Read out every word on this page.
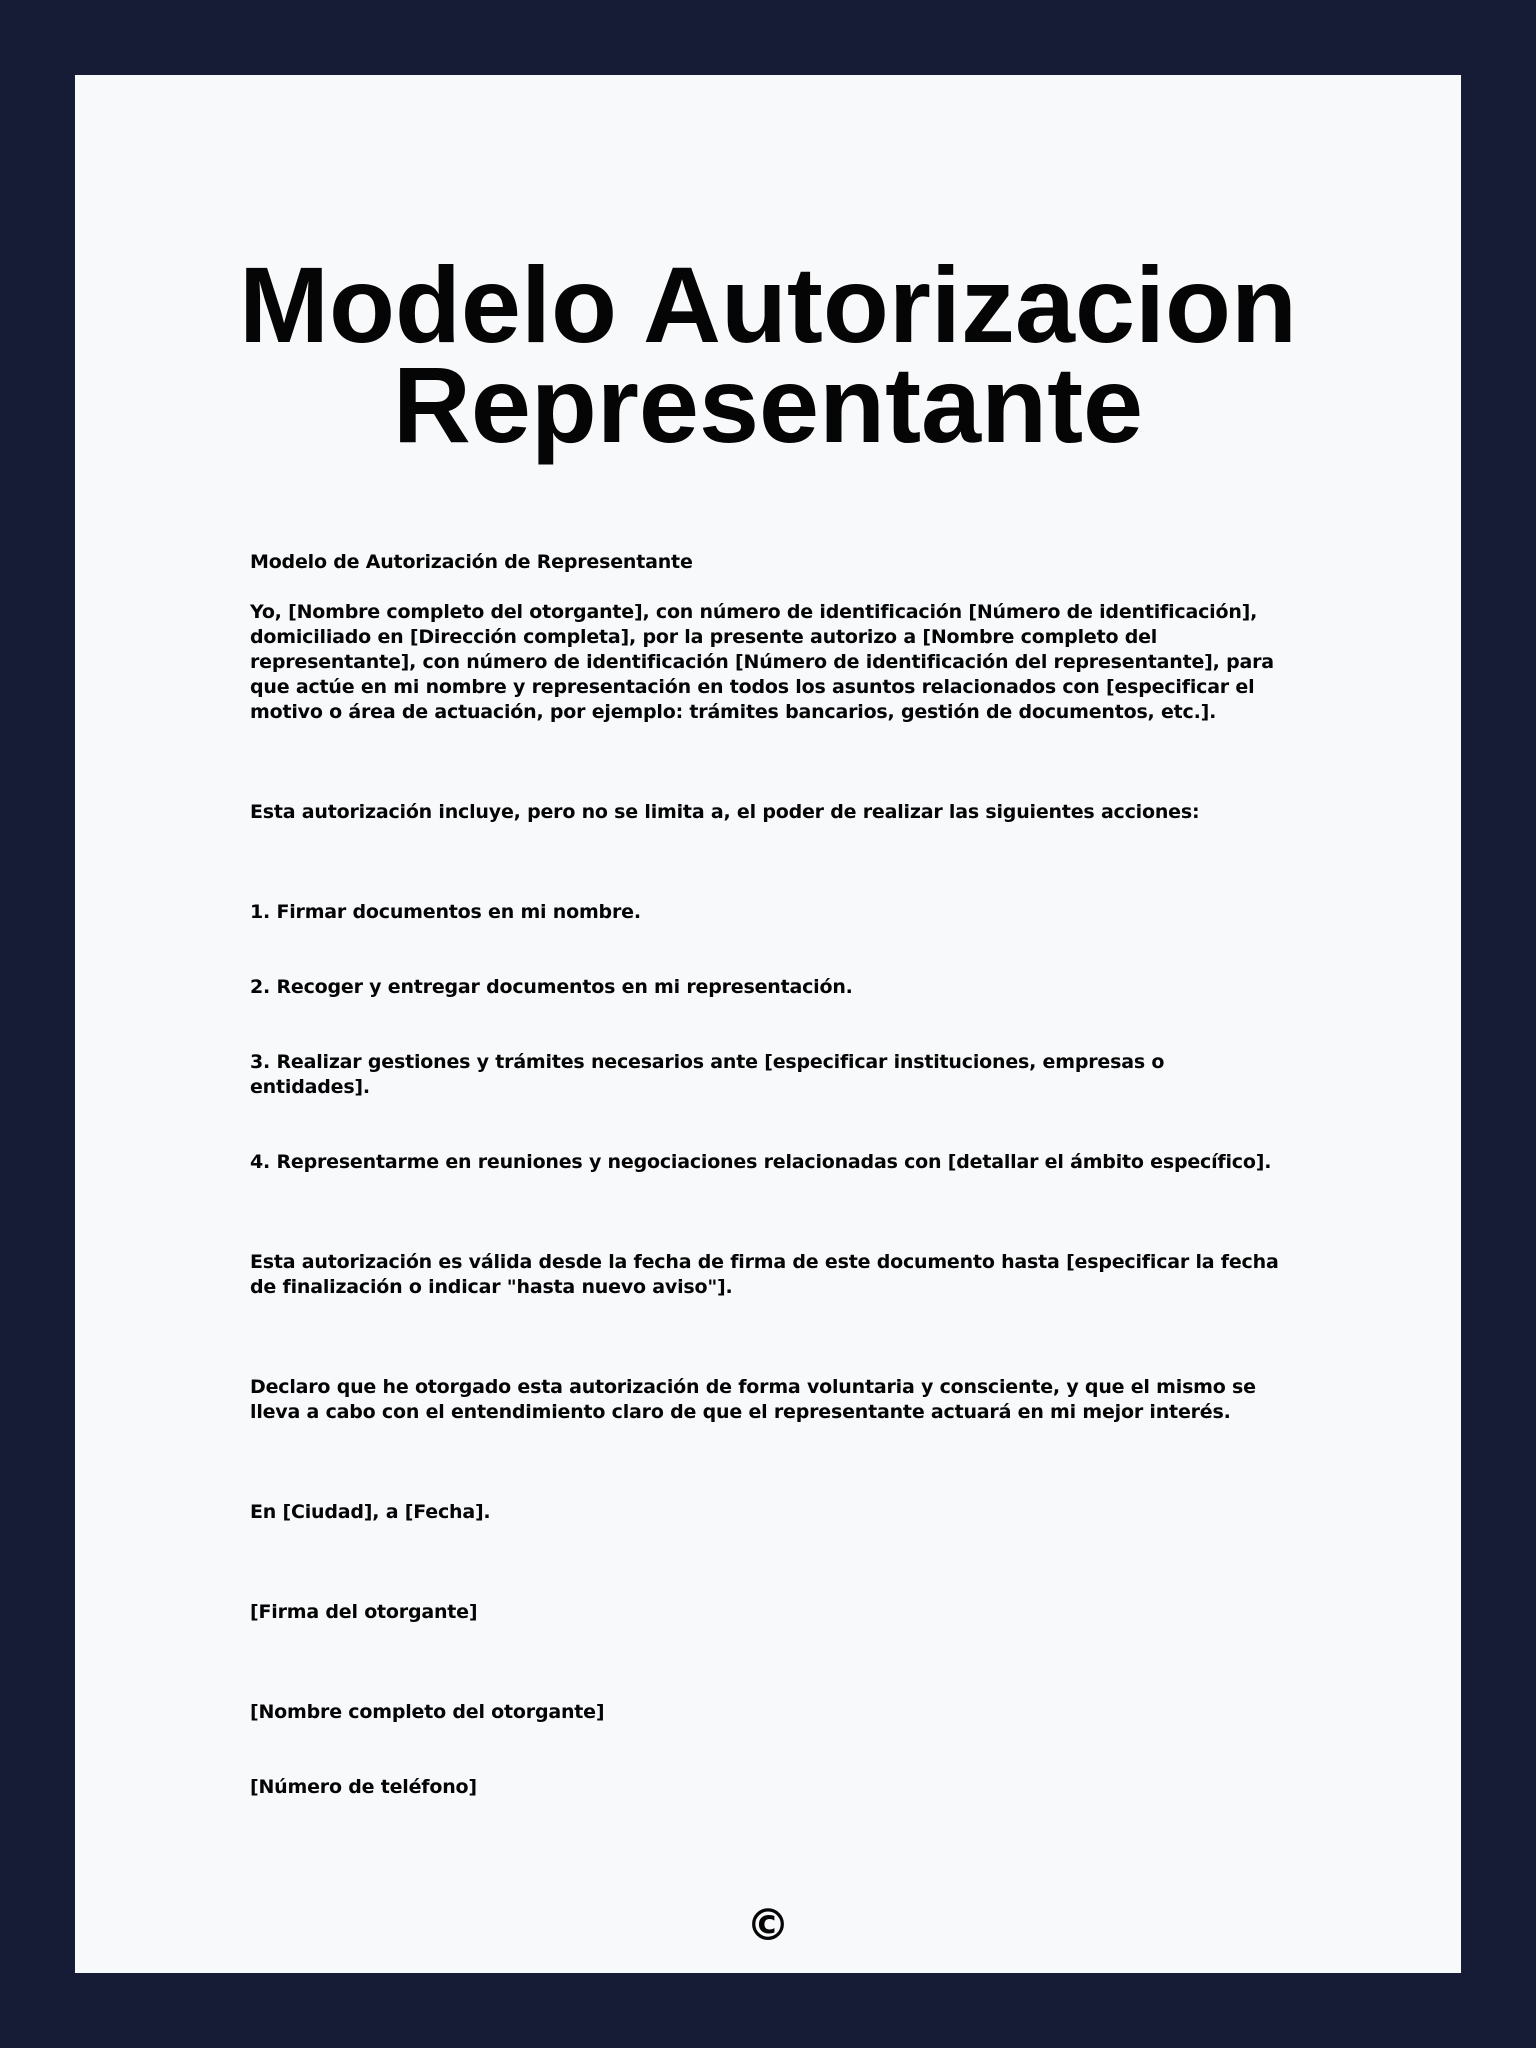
Modelo Autorizacion Representante

Modelo de Autorización de Representante

Yo, [Nombre completo del otorgante], con número de identificación [Número de identificación], domiciliado en [Dirección completa], por la presente autorizo a [Nombre completo del representante], con número de identificación [Número de identificación del representante], para que actúe en mi nombre y representación en todos los asuntos relacionados con [especificar el motivo o área de actuación, por ejemplo: trámites bancarios, gestión de documentos, etc.].

Esta autorización incluye, pero no se limita a, el poder de realizar las siguientes acciones:

1. Firmar documentos en mi nombre.

2. Recoger y entregar documentos en mi representación.

3. Realizar gestiones y trámites necesarios ante [especificar instituciones, empresas o entidades].

4. Representarme en reuniones y negociaciones relacionadas con [detallar el ámbito específico].

Esta autorización es válida desde la fecha de firma de este documento hasta [especificar la fecha de finalización o indicar "hasta nuevo aviso"].

Declaro que he otorgado esta autorización de forma voluntaria y consciente, y que el mismo se lleva a cabo con el entendimiento claro de que el representante actuará en mi mejor interés.

En [Ciudad], a [Fecha].

[Firma del otorgante]

[Nombre completo del otorgante]

[Número de teléfono]

©
